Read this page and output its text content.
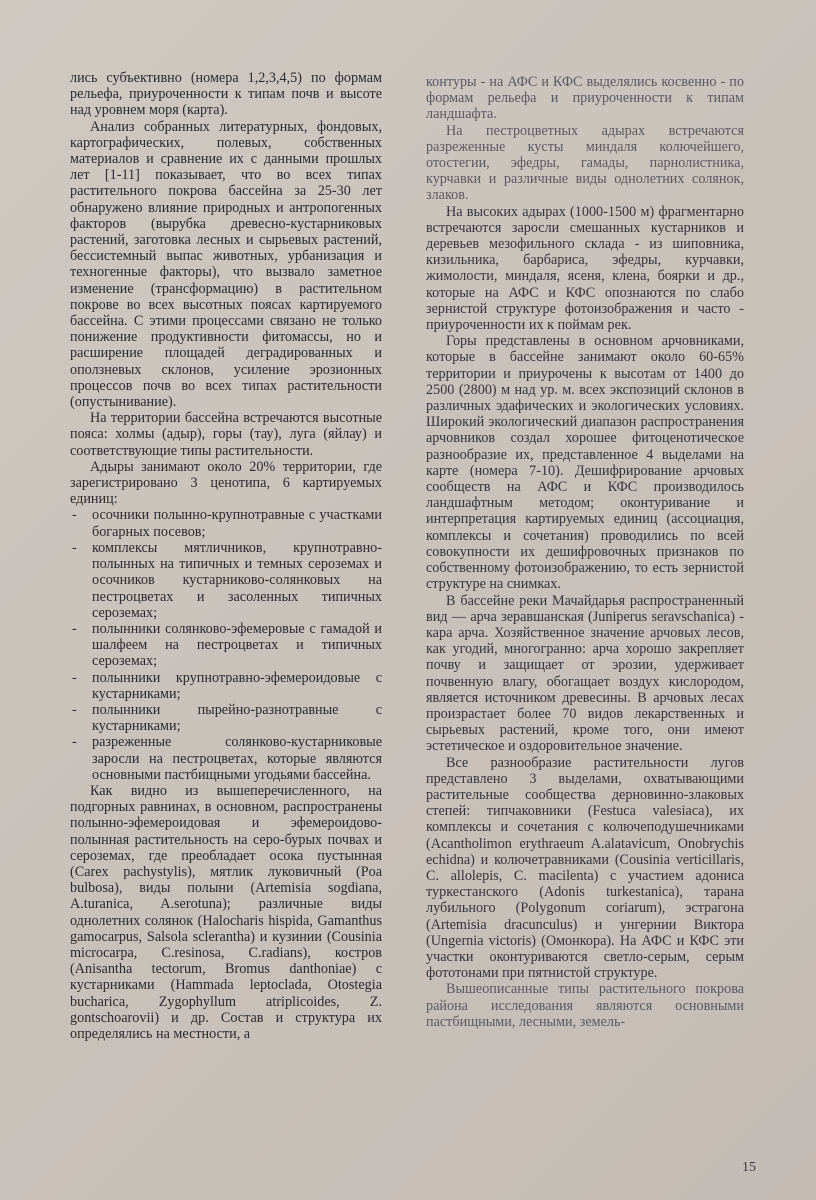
лись субъективно (номера 1,2,3,4,5) по формам рельефа, приуроченности к типам почв и высоте над уровнем моря (карта).

Анализ собранных литературных, фондовых, картографических, полевых, собственных материалов и сравнение их с данными прошлых лет [1-11] показывает, что во всех типах растительного покрова бассейна за 25-30 лет обнаружено влияние природных и антропогенных факторов (вырубка древесно-кустарниковых растений, заготовка лесных и сырьевых растений, бессистемный выпас животных, урбанизация и техногенные факторы), что вызвало заметное изменение (трансформацию) в растительном покрове во всех высотных поясах картируемого бассейна. С этими процессами связано не только понижение продуктивности фитомассы, но и расширение площадей деградированных и оползневых склонов, усиление эрозионных процессов почв во всех типах растительности (опустынивание).

На территории бассейна встречаются высотные пояса: холмы (адыр), горы (тау), луга (яйлау) и соответствующие типы растительности.

Адыры занимают около 20% территории, где зарегистрировано 3 ценотипа, 6 картируемых единиц:

- осочники полынно-крупнотравные с участками богарных посевов;
- комплексы мятличников, крупнотравно-полынных на типичных и темных сероземах и осочников кустарниково-солянковых на пестроцветах и засоленных типичных сероземах;
- полынники солянково-эфемеровые с гамадой и шалфеем на пестроцветах и типичных сероземах;
- полынники крупнотравно-эфемероидовые с кустарниками;
- полынники пырейно-разнотравные с кустарниками;
- разреженные солянково-кустарниковые заросли на пестроцветах, которые являются основными пастбищными угодьями бассейна.

Как видно из вышеперечисленного, на подгорных равнинах, в основном, распространены полынно-эфемероидовая и эфемероидово-полынная растительность на серо-бурых почвах и сероземах, где преобладает осока пустынная (Carex pachystylis), мятлик луковичный (Poa bulbosa), виды полыни (Artemisia sogdiana, A.turanica, A.serotuna); различные виды однолетних солянок (Halocharis hispida, Gamanthus gamocarpus, Salsola scleranthа) и кузинии (Cousinia microcarpa, C.resinosa, C.radians), костров (Anisantha tectorum, Bromus danthoniae) с кустарниками (Hammada leptoclada, Otostegia bucharica, Zygophyllum atriplicoides, Z. gontschoarovii) и др. Состав и структура их определялись на местности, а

контуры - на АФС и КФС выделялись косвенно - по формам рельефа и приуроченности к типам ландшафта.

На пестроцветных адырах встречаются разреженные кусты миндаля колючейшего, отостегии, эфедры, гамады, парнолистника, курчавки и различные виды однолетних солянок, злаков.

На высоких адырах (1000-1500 м) фрагментарно встречаются заросли смешанных кустарников и деревьев мезофильного склада - из шиповника, кизильника, барбариса, эфедры, курчавки, жимолости, миндаля, ясеня, клена, боярки и др., которые на АФС и КФС опознаются по слабо зернистой структуре фотоизображения и часто - приуроченности их к поймам рек.

Горы представлены в основном арчовниками, которые в бассейне занимают около 60-65% территории и приурочены к высотам от 1400 до 2500 (2800) м над ур. м. всех экспозиций склонов в различных эдафических и экологических условиях. Широкий экологический диапазон распространения арчовников создал хорошее фитоценотическое разнообразие их, представленное 4 выделами на карте (номера 7-10). Дешифрирование арчовых сообществ на АФС и КФС производилось ландшафтным методом; оконтуривание и интерпретация картируемых единиц (ассоциация, комплексы и сочетания) проводились по всей совокупности их дешифровочных признаков по собственному фотоизображению, то есть зернистой структуре на снимках.

В бассейне реки Мачайдарья распространенный вид — арча зеравшанская (Juniperus seravschanica) - кара арча. Хозяйственное значение арчовых лесов, как угодий, многогранно: арча хорошо закрепляет почву и защищает от эрозии, удерживает почвенную влагу, обогащает воздух кислородом, является источником древесины. В арчовых лесах произрастает более 70 видов лекарственных и сырьевых растений, кроме того, они имеют эстетическое и оздоровительное значение.

Все разнообразие растительности лугов представлено 3 выделами, охватывающими растительные сообщества дерновинно-злаковых степей: типчаковники (Festuca valesiaca), их комплексы и сочетания с колючеподушечниками (Acantholimon erythraeum A.alatavicum, Onobrychis echidna) и колючетравниками (Cousinia verticillaris, C. allolepis, C. macilenta) с участием адониса туркестанского (Adonis turkestanica), тарана лубильного (Polygonum coriarum), эстрагона (Artemisia dracunculus) и унгернии Виктора (Ungernia victoris) (Омонкора). На АФС и КФС эти участки оконтуриваются светло-серым, серым фототонами при пятнистой структуре.

Вышеописанные типы растительного покрова района исследования являются основными пастбищными, лесными, земель-

15
